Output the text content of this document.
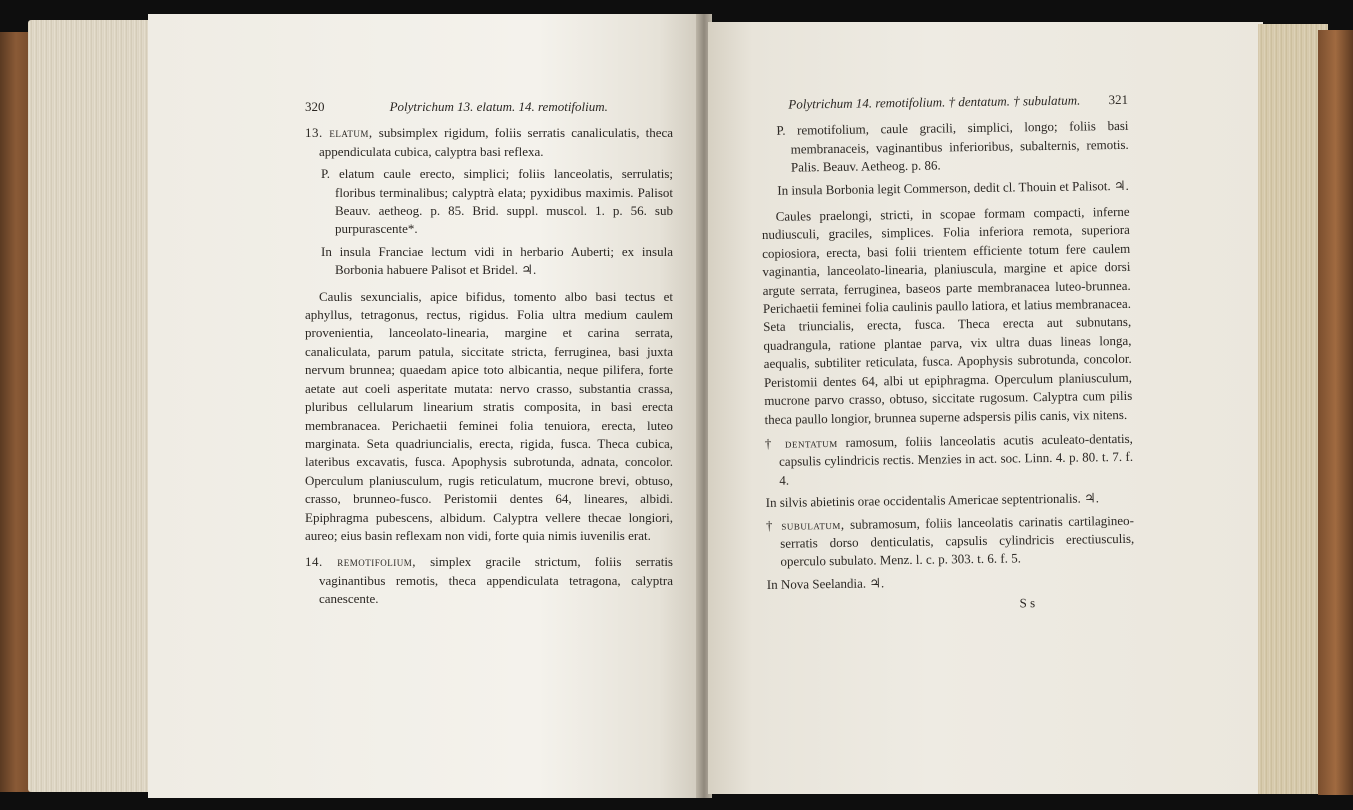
320	Polytrichum 13. elatum. 14. remotifolium.

13. elatum, subsimplex rigidum, foliis serratis canaliculatis, theca appendiculata cubica, calyptra basi reflexa.

P. elatum caule erecto, simplici; foliis lanceolatis, serrulatis; floribus terminalibus; calyptrà elata; pyxidibus maximis. Palisot Beauv. aetheog. p. 85. Brid. suppl. muscol. 1. p. 56. sub purpurascente*.

In insula Franciae lectum vidi in herbario Auberti; ex insula Borbonia habuere Palisot et Bridel. ♃.

Caulis sexuncialis, apice bifidus, tomento albo basi tectus et aphyllus, tetragonus, rectus, rigidus. Folia ultra medium caulem provenientia, lanceolato-linearia, margine et carina serrata, canaliculata, parum patula, siccitate stricta, ferruginea, basi juxta nervum brunnea; quaedam apice toto albicantia, neque pilifera, forte aetate aut coeli asperitate mutata: nervo crasso, substantia crassa, pluribus cellularum linearium stratis composita, in basi erecta membranacea. Perichaetii feminei folia tenuiora, erecta, luteo marginata. Seta quadriuncialis, erecta, rigida, fusca. Theca cubica, lateribus excavatis, fusca. Apophysis subrotunda, adnata, concolor. Operculum planiusculum, rugis reticulatum, mucrone brevi, obtuso, crasso, brunneo-fusco. Peristomii dentes 64, lineares, albidi. Epiphragma pubescens, albidum. Calyptra vellere thecae longiori, aureo; eius basin reflexam non vidi, forte quia nimis iuvenilis erat.

14. remotifolium, simplex gracile strictum, foliis serratis vaginantibus remotis, theca appendiculata tetragona, calyptra canescente.

Polytrichum 14. remotifolium. † dentatum. † subulatum.	321

P. remotifolium, caule gracili, simplici, longo; foliis basi membranaceis, vaginantibus inferioribus, subalternis, remotis. Palis. Beauv. Aetheog. p. 86.

In insula Borbonia legit Commerson, dedit cl. Thouin et Palisot. ♃.

Caules praelongi, stricti, in scopae formam compacti, inferne nudiusculi, graciles, simplices. Folia inferiora remota, superiora copiosiora, erecta, basi folii trientem efficiente totum fere caulem vaginantia, lanceolato-linearia, planiuscula, margine et apice dorsi argute serrata, ferruginea, baseos parte membranacea luteo-brunnea. Perichaetii feminei folia caulinis paullo latiora, et latius membranacea. Seta triuncialis, erecta, fusca. Theca erecta aut subnutans, quadrangula, ratione plantae parva, vix ultra duas lineas longa, aequalis, subtiliter reticulata, fusca. Apophysis subrotunda, concolor. Peristomii dentes 64, albi ut epiphragma. Operculum planiusculum, mucrone parvo crasso, obtuso, siccitate rugosum. Calyptra cum pilis theca paullo longior, brunnea superne adspersis pilis canis, vix nitens.

† dentatum ramosum, foliis lanceolatis acutis aculeato-dentatis, capsulis cylindricis rectis. Menzies in act. soc. Linn. 4. p. 80. t. 7. f. 4.

In silvis abietinis orae occidentalis Americae septentrionalis. ♃.

† subulatum, subramosum, foliis lanceolatis carinatis cartilagineo-serratis dorso denticulatis, capsulis cylindricis erectiusculis, operculo subulato. Menz. l. c. p. 303. t. 6. f. 5.

In Nova Seelandia. ♃.

S s
